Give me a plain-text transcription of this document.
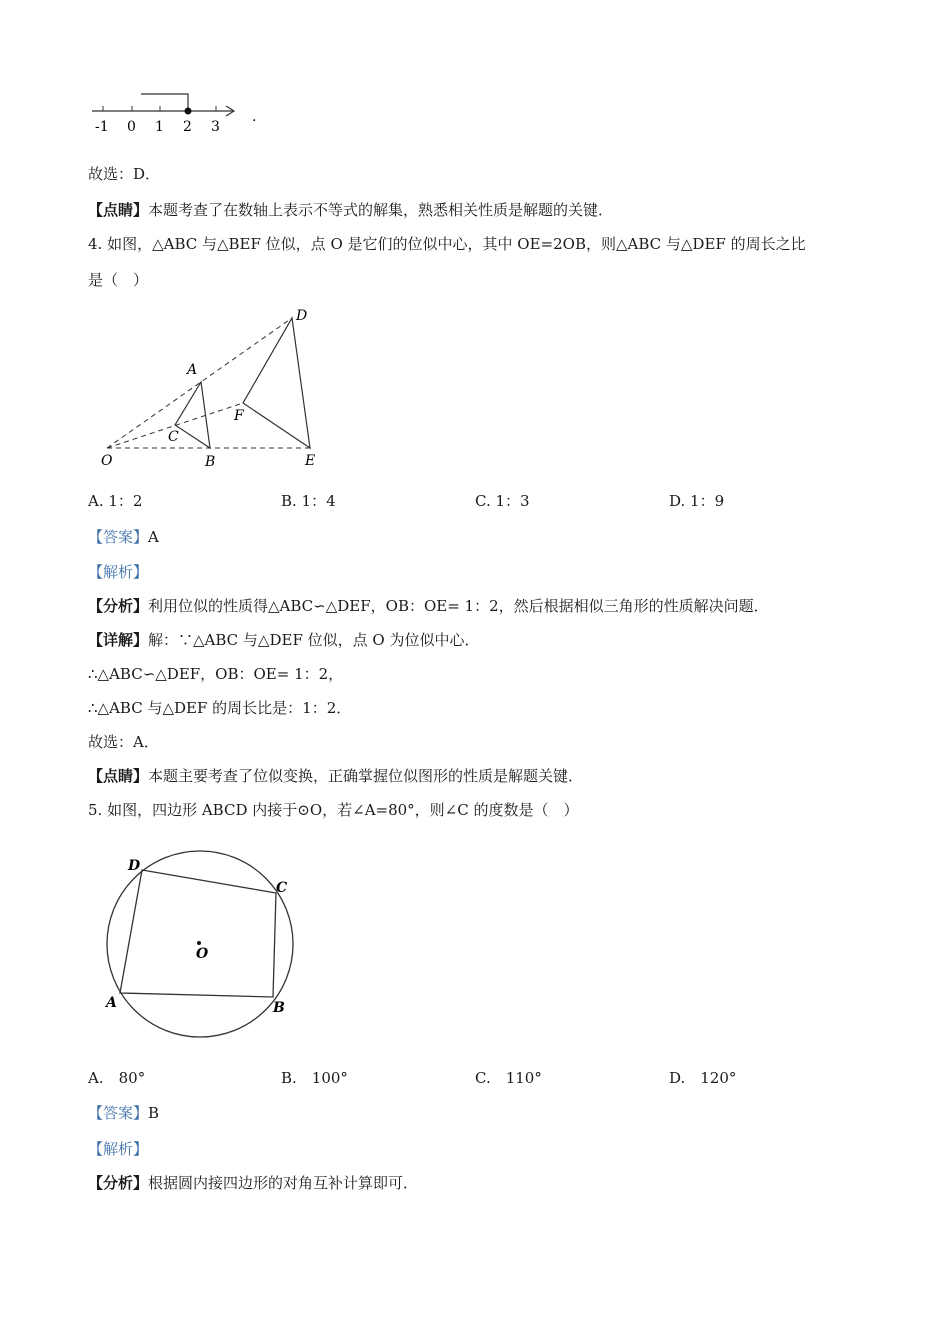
-1 0 1 2 3
.
故选：D．
【点睛】本题考查了在数轴上表示不等式的解集，熟悉相关性质是解题的关键．
4. 如图，△ABC 与△BEF 位似，点 O 是它们的位似中心，其中 OE=2OB，则△ABC 与△DEF 的周长之比
是（　）
D
A
F
C
O	B	E
A. 1：2	B. 1：4	C. 1：3	D. 1：9
【答案】A
【解析】
【分析】利用位似的性质得△ABC∽△DEF，OB：OE= 1：2，然后根据相似三角形的性质解决问题．
【详解】解：∵△ABC 与△DEF 位似，点 O 为位似中心．
∴△ABC∽△DEF，OB：OE= 1：2，
∴△ABC 与△DEF 的周长比是：1：2．
故选：A．
【点睛】本题主要考查了位似变换，正确掌握位似图形的性质是解题关键．
5. 如图，四边形 ABCD 内接于⊙O，若∠A=80°，则∠C 的度数是（　）
D
C
O
A	B
A.　80°	B.　100°	C.　110°	D.　120°
【答案】B
【解析】
【分析】根据圆内接四边形的对角互补计算即可．
